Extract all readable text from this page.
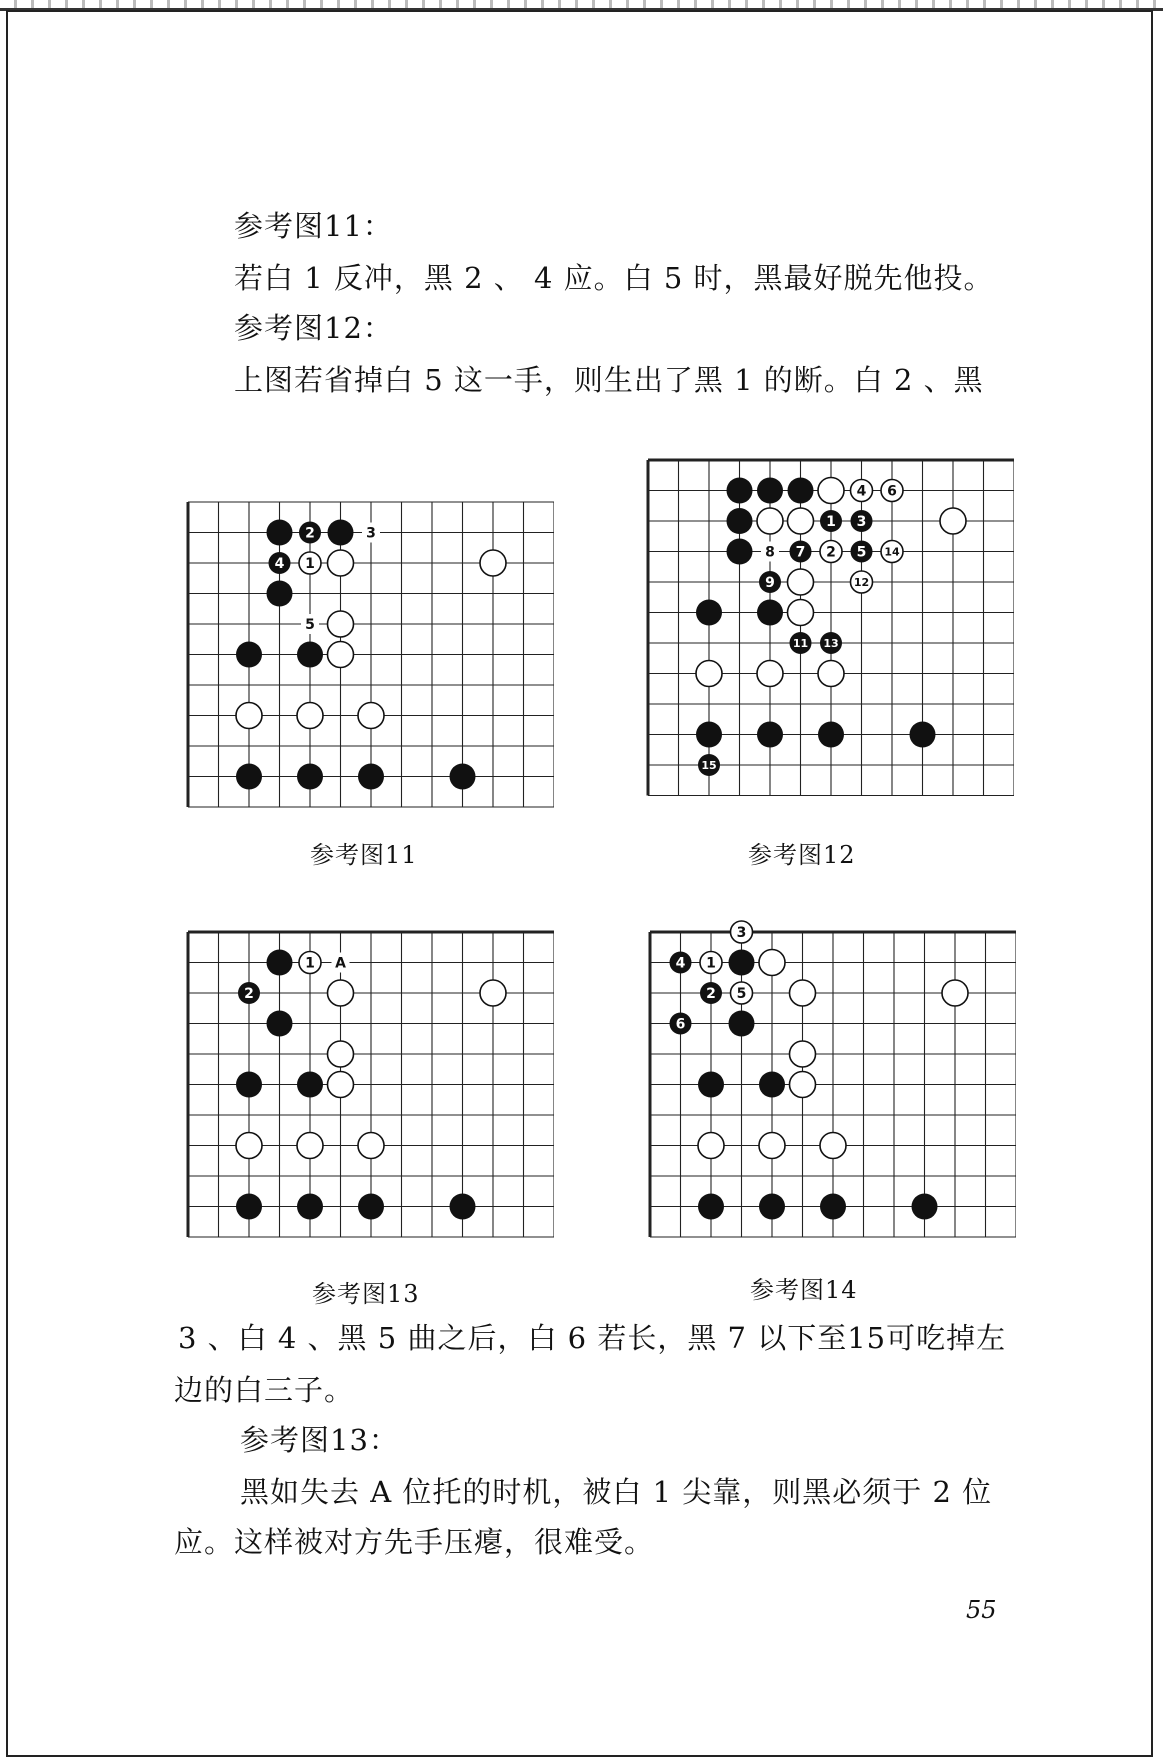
参考图11：
若白 1 反冲，黑 2 、 4 应。白 5 时，黑最好脱先他投。
参考图12：
上图若省掉白 5 这一手，则生出了黑 1 的断。白 2 、黑
2	3
4 1
5
4 6
1 3
8 7 2 5 14
9	12
11 13
15
1 A
2
3
4 1
2 5
6
参考图11	参考图12
参考图13	参考图14
3 、白 4 、黑 5 曲之后，白 6 若长，黑 7 以下至15可吃掉左
边的白三子。
参考图13：
黑如失去 A 位托的时机，被白 1 尖靠，则黑必须于 2 位
应。这样被对方先手压瘪，很难受。
55
